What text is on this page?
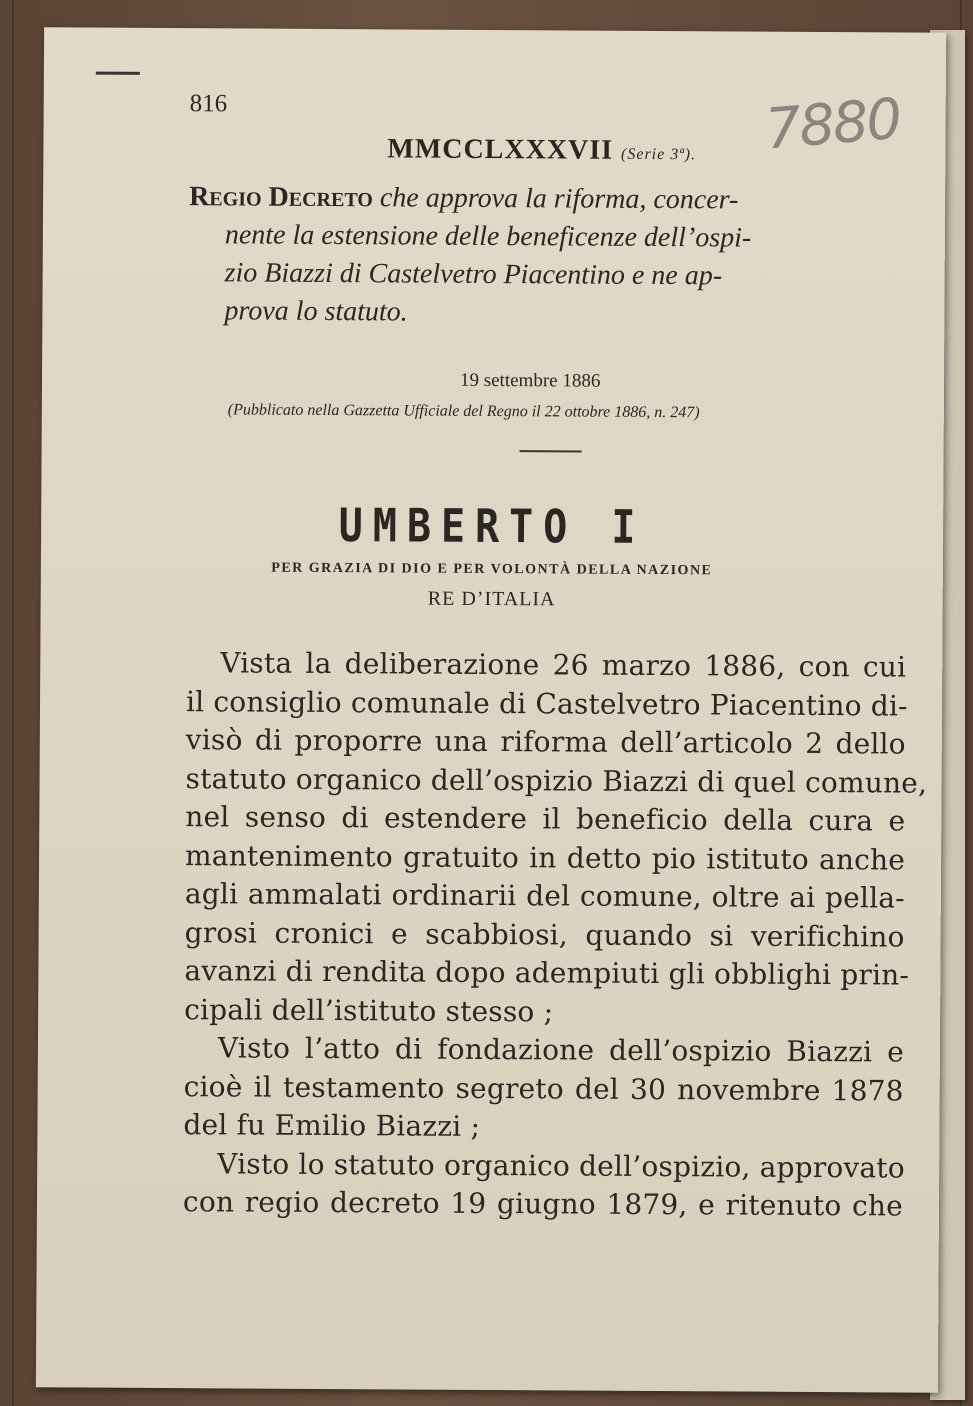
816	7880
MMCCLXXXVII (Serie 3ª).
Regio Decreto che approva la riforma, concer-
nente la estensione delle beneficenze dell’ospi-
zio Biazzi di Castelvetro Piacentino e ne ap-
prova lo statuto.
19 settembre 1886
(Pubblicato nella Gazzetta Ufficiale del Regno il 22 ottobre 1886, n. 247)
UMBERTO I
PER GRAZIA DI DIO E PER VOLONTÀ DELLA NAZIONE
RE D’ITALIA
Vista la deliberazione 26 marzo 1886, con cui
il consiglio comunale di Castelvetro Piacentino di-
visò di proporre una riforma dell’articolo 2 dello
statuto organico dell’ospizio Biazzi di quel comune,
nel senso di estendere il beneficio della cura e
mantenimento gratuito in detto pio istituto anche
agli ammalati ordinarii del comune, oltre ai pella-
grosi cronici e scabbiosi, quando si verifichino
avanzi di rendita dopo adempiuti gli obblighi prin-
cipali dell’istituto stesso ;
Visto l’atto di fondazione dell’ospizio Biazzi e
cioè il testamento segreto del 30 novembre 1878
del fu Emilio Biazzi ;
Visto lo statuto organico dell’ospizio, approvato
con regio decreto 19 giugno 1879, e ritenuto che
